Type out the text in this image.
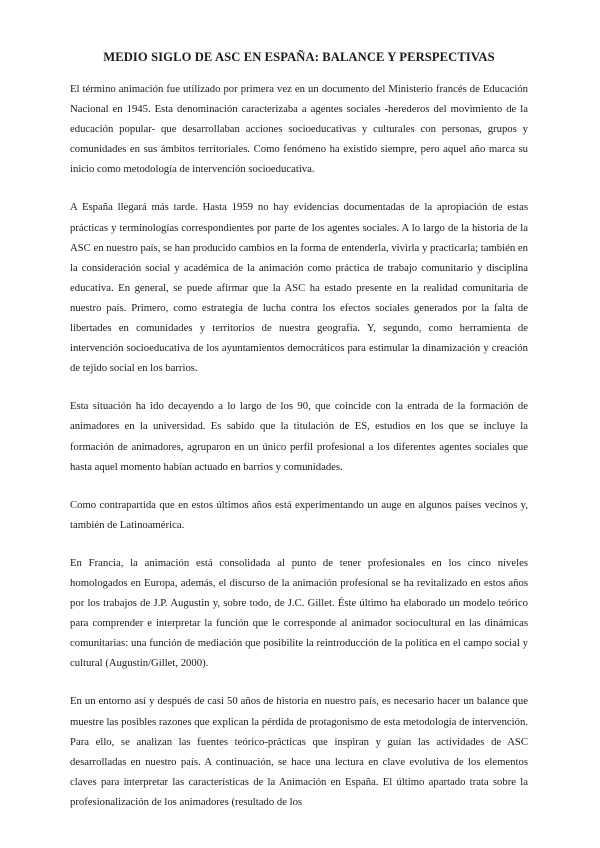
MEDIO SIGLO DE ASC EN ESPAÑA: BALANCE Y PERSPECTIVAS

El término animación fue utilizado por primera vez en un documento del Ministerio francés de Educación Nacional en 1945. Esta denominación caracterizaba a agentes sociales -herederos del movimiento de la educación popular- que desarrollaban acciones socioeducativas y culturales con personas, grupos y comunidades en sus ámbitos territoriales. Como fenómeno ha existido siempre, pero aquel año marca su inicio como metodología de intervención socioeducativa.

A España llegará más tarde. Hasta 1959 no hay evidencias documentadas de la apropiación de estas prácticas y terminologías correspondientes por parte de los agentes sociales. A lo largo de la historia de la ASC en nuestro país, se han producido cambios en la forma de entenderla, vivirla y practicarla; también en la consideración social y académica de la animación como práctica de trabajo comunitario y disciplina educativa. En general, se puede afirmar que la ASC ha estado presente en la realidad comunitaria de nuestro país. Primero, como estrategia de lucha contra los efectos sociales generados por la falta de libertades en comunidades y territorios de nuestra geografía. Y, segundo, como herramienta de intervención socioeducativa de los ayuntamientos democráticos para estimular la dinamización y creación de tejido social en los barrios.

Esta situación ha ido decayendo a lo largo de los 90, que coincide con la entrada de la formación de animadores en la universidad. Es sabido que la titulación de ES, estudios en los que se incluye la formación de animadores, agruparon en un único perfil profesional a los diferentes agentes sociales que hasta aquel momento habían actuado en barrios y comunidades.

Como contrapartida que en estos últimos años está experimentando un auge en algunos países vecinos y, también de Latinoamérica.

En Francia, la animación está consolidada al punto de tener profesionales en los cinco niveles homologados en Europa, además, el discurso de la animación profesional se ha revitalizado en estos años por los trabajos de J.P. Augustin y, sobre todo, de J.C. Gillet. Éste último ha elaborado un modelo teórico para comprender e interpretar la función que le corresponde al animador sociocultural en las dinámicas comunitarias: una función de mediación que posibilite la reintroducción de la política en el campo social y cultural (Augustin/Gillet, 2000).

En un entorno así y después de casi 50 años de historia en nuestro país, es necesario hacer un balance que muestre las posibles razones que explican la pérdida de protagonismo de esta metodología de intervención. Para ello, se analizan las fuentes teórico-prácticas que inspiran y guían las actividades de ASC desarrolladas en nuestro país. A continuación, se hace una lectura en clave evolutiva de los elementos claves para interpretar las características de la Animación en España. El último apartado trata sobre la profesionalización de los animadores (resultado de los
